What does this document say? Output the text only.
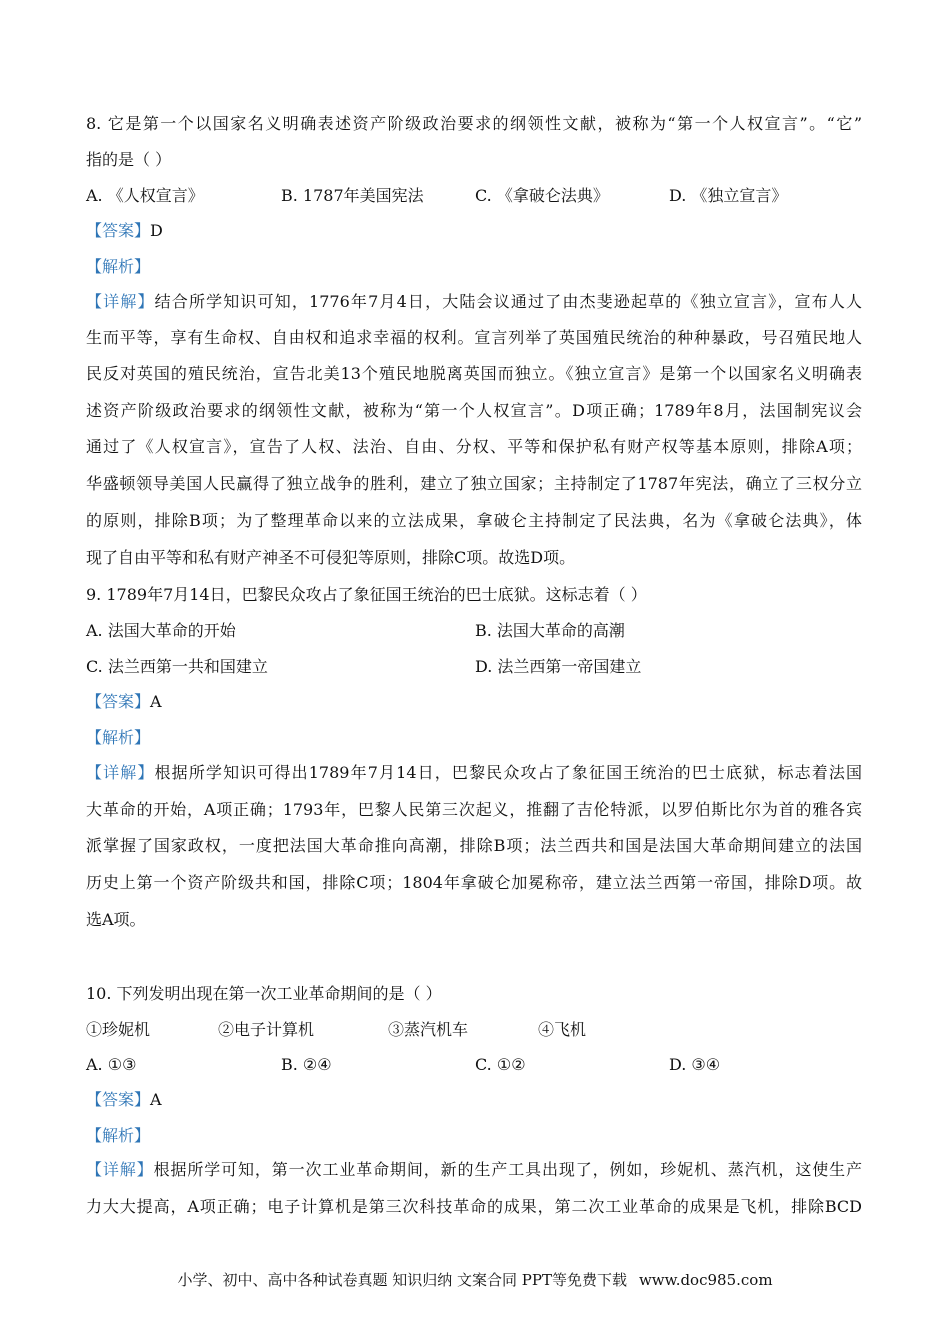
8. 它是第一个以国家名义明确表述资产阶级政治要求的纲领性文献，被称为“第一个人权宣言”。“它”
指的是（ ）
A. 《人权宣言》	B. 1787年美国宪法	C. 《拿破仑法典》	D. 《独立宣言》
【答案】D
【解析】
【详解】结合所学知识可知，1776年7月4日，大陆会议通过了由杰斐逊起草的《独立宣言》，宣布人人
生而平等，享有生命权、自由权和追求幸福的权利。宣言列举了英国殖民统治的种种暴政，号召殖民地人
民反对英国的殖民统治，宣告北美13个殖民地脱离英国而独立。《独立宣言》是第一个以国家名义明确表
述资产阶级政治要求的纲领性文献，被称为“第一个人权宣言”。D项正确；1789年8月，法国制宪议会
通过了《人权宣言》，宣告了人权、法治、自由、分权、平等和保护私有财产权等基本原则，排除A项；
华盛顿领导美国人民赢得了独立战争的胜利，建立了独立国家；主持制定了1787年宪法，确立了三权分立
的原则，排除B项；为了整理革命以来的立法成果，拿破仑主持制定了民法典，名为《拿破仑法典》，体
现了自由平等和私有财产神圣不可侵犯等原则，排除C项。故选D项。
9. 1789年7月14日，巴黎民众攻占了象征国王统治的巴士底狱。这标志着（ ）
A. 法国大革命的开始	B. 法国大革命的高潮
C. 法兰西第一共和国建立	D. 法兰西第一帝国建立
【答案】A
【解析】
【详解】根据所学知识可得出1789年7月14日，巴黎民众攻占了象征国王统治的巴士底狱，标志着法国
大革命的开始，A项正确；1793年，巴黎人民第三次起义，推翻了吉伦特派，以罗伯斯比尔为首的雅各宾
派掌握了国家政权，一度把法国大革命推向高潮，排除B项；法兰西共和国是法国大革命期间建立的法国
历史上第一个资产阶级共和国，排除C项；1804年拿破仑加冕称帝，建立法兰西第一帝国，排除D项。故
选A项。
10. 下列发明出现在第一次工业革命期间的是（ ）
①珍妮机	②电子计算机	③蒸汽机车	④飞机
A. ①③	B. ②④	C. ①②	D. ③④
【答案】A
【解析】
【详解】根据所学可知，第一次工业革命期间，新的生产工具出现了，例如，珍妮机、蒸汽机，这使生产
力大大提高，A项正确；电子计算机是第三次科技革命的成果，第二次工业革命的成果是飞机，排除BCD
小学、初中、高中各种试卷真题 知识归纳 文案合同 PPT等免费下载 www.doc985.com
